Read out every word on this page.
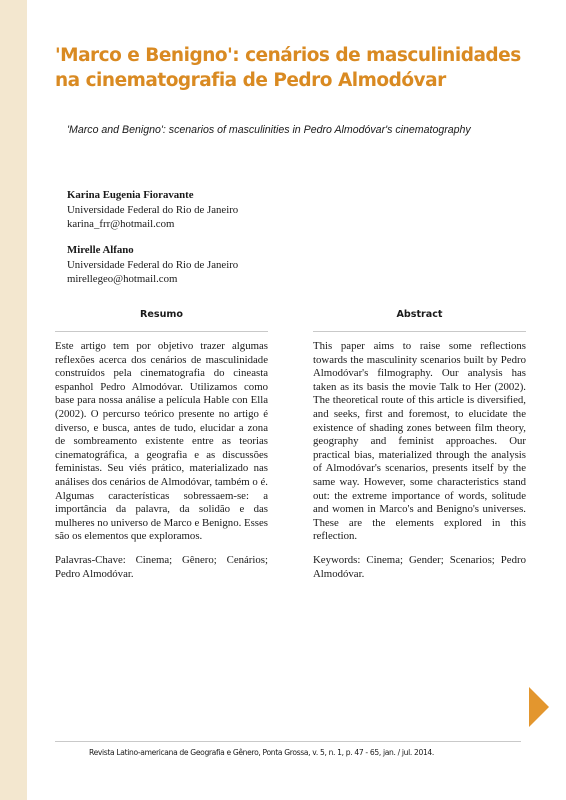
'Marco e Benigno': cenários de masculinidades na cinematografia de Pedro Almodóvar

'Marco and Benigno': scenarios of masculinities in Pedro Almodóvar's cinematography

Karina Eugenia Fioravante
Universidade Federal do Rio de Janeiro
karina_frr@hotmail.com
Mirelle Alfano
Universidade Federal do Rio de Janeiro
mirellegeo@hotmail.com
Resumo

Este artigo tem por objetivo trazer algumas reflexões acerca dos cenários de masculinidade construídos pela cinematografia do cineasta espanhol Pedro Almodóvar. Utilizamos como base para nossa análise a película Hable con Ella (2002). O percurso teórico presente no artigo é diverso, e busca, antes de tudo, elucidar a zona de sombreamento existente entre as teorias cinematográfica, a geografia e as discussões feministas. Seu viés prático, materializado nas análises dos cenários de Almodóvar, também o é. Algumas características sobressaem-se: a importância da palavra, da solidão e das mulheres no universo de Marco e Benigno. Esses são os elementos que exploramos.

Palavras-Chave: Cinema; Gênero; Cenários; Pedro Almodóvar.

Abstract

This paper aims to raise some reflections towards the masculinity scenarios built by Pedro Almodóvar's filmography. Our analysis has taken as its basis the movie Talk to Her (2002). The theoretical route of this article is diversified, and seeks, first and foremost, to elucidate the existence of shading zones between film theory, geography and feminist approaches. Our practical bias, materialized through the analysis of Almodóvar's scenarios, presents itself by the same way. However, some characteristics stand out: the extreme importance of words, solitude and women in Marco's and Benigno's universes. These are the elements explored in this reflection.

Keywords: Cinema; Gender; Scenarios; Pedro Almodóvar.

Revista Latino-americana de Geografia e Gênero, Ponta Grossa, v. 5, n. 1, p. 47 - 65, jan. / jul. 2014.
